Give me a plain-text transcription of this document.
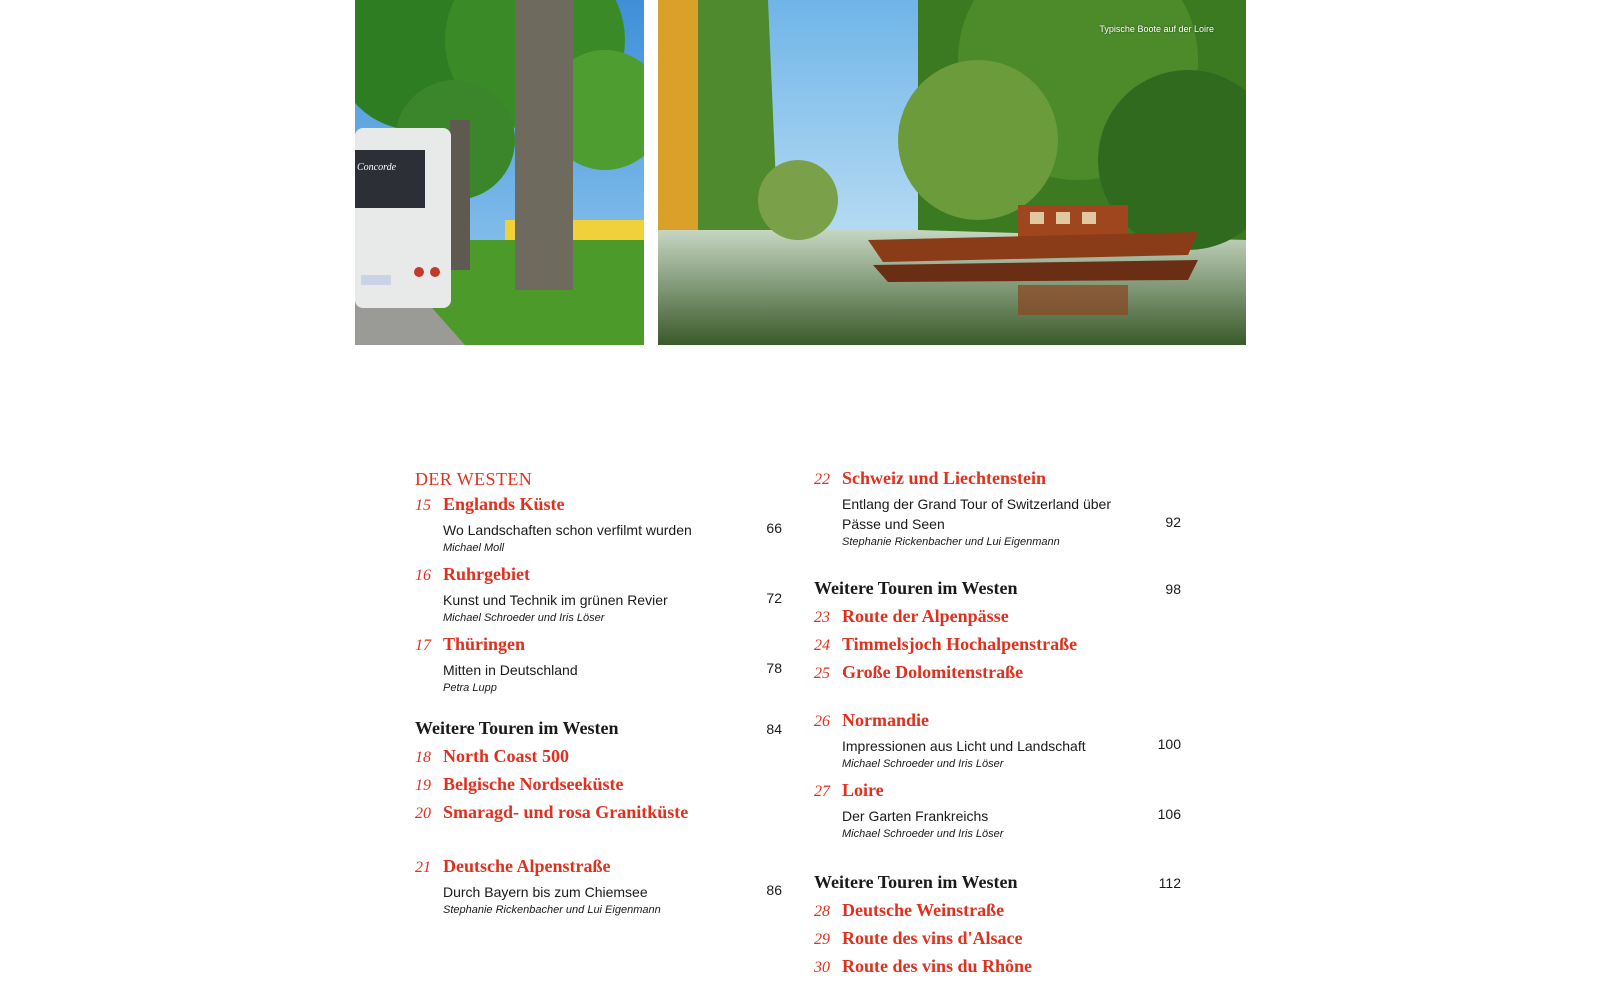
Concorde
Typische Boote auf der Loire
DER WESTEN
15 Englands Küste
Wo Landschaften schon verfilmt wurden	66
Michael Moll
16 Ruhrgebiet
Kunst und Technik im grünen Revier	72
Michael Schroeder und Iris Löser
17 Thüringen
Mitten in Deutschland	78
Petra Lupp
Weitere Touren im Westen	84
18 North Coast 500
19 Belgische Nordseeküste
20 Smaragd- und rosa Granitküste
21 Deutsche Alpenstraße
Durch Bayern bis zum Chiemsee	86
Stephanie Rickenbacher und Lui Eigenmann
22 Schweiz und Liechtenstein
Entlang der Grand Tour of Switzerland über Pässe und Seen	92
Stephanie Rickenbacher und Lui Eigenmann
Weitere Touren im Westen	98
23 Route der Alpenpässe
24 Timmelsjoch Hochalpenstraße
25 Große Dolomitenstraße
26 Normandie
Impressionen aus Licht und Landschaft	100
Michael Schroeder und Iris Löser
27 Loire
Der Garten Frankreichs	106
Michael Schroeder und Iris Löser
Weitere Touren im Westen	112
28 Deutsche Weinstraße
29 Route des vins d'Alsace
30 Route des vins du Rhône
